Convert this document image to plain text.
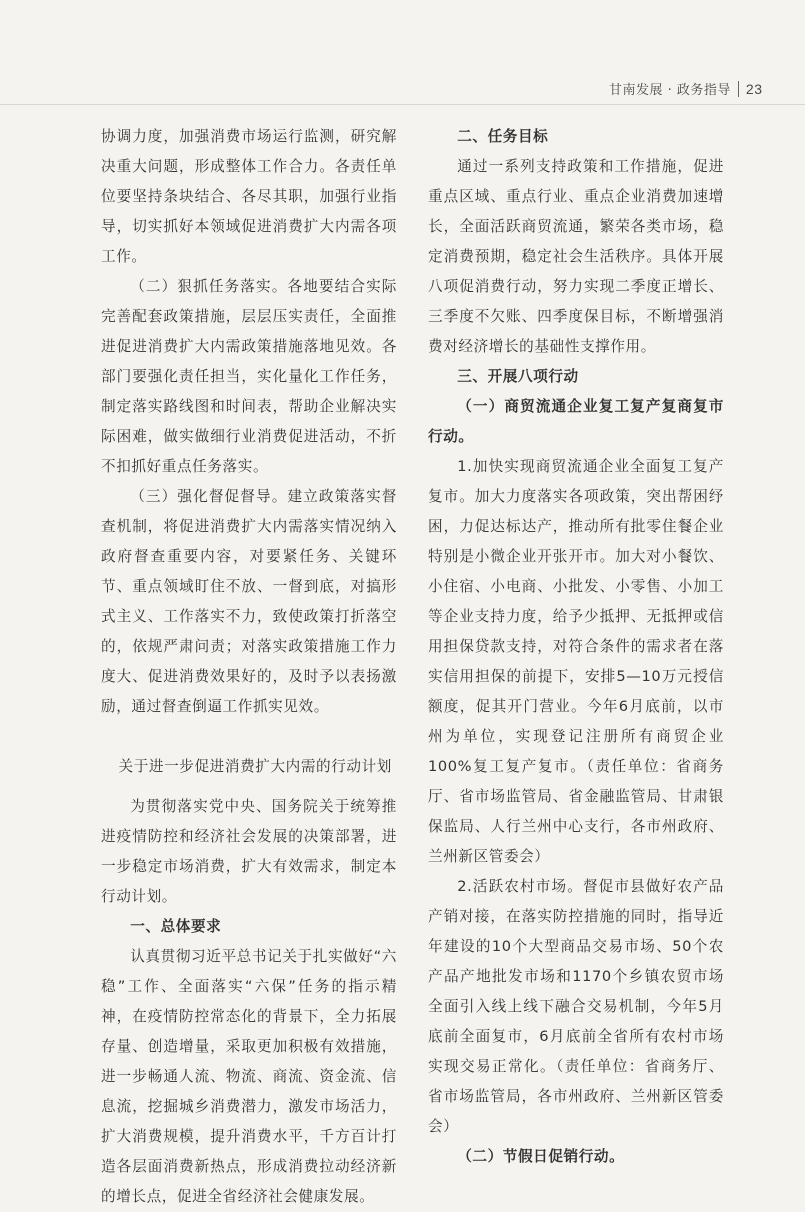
甘南发展 · 政务指导 23

协调力度，加强消费市场运行监测，研究解决重大问题，形成整体工作合力。各责任单位要坚持条块结合、各尽其职，加强行业指导，切实抓好本领域促进消费扩大内需各项工作。

（二）狠抓任务落实。各地要结合实际完善配套政策措施，层层压实责任，全面推进促进消费扩大内需政策措施落地见效。各部门要强化责任担当，实化量化工作任务，制定落实路线图和时间表，帮助企业解决实际困难，做实做细行业消费促进活动，不折不扣抓好重点任务落实。

（三）强化督促督导。建立政策落实督查机制，将促进消费扩大内需落实情况纳入政府督查重要内容，对要紧任务、关键环节、重点领域盯住不放、一督到底，对搞形式主义、工作落实不力，致使政策打折落空的，依规严肃问责；对落实政策措施工作力度大、促进消费效果好的，及时予以表扬激励，通过督查倒逼工作抓实见效。

关于进一步促进消费扩大内需的行动计划

为贯彻落实党中央、国务院关于统筹推进疫情防控和经济社会发展的决策部署，进一步稳定市场消费，扩大有效需求，制定本行动计划。

一、总体要求

认真贯彻习近平总书记关于扎实做好“六稳”工作、全面落实“六保”任务的指示精神，在疫情防控常态化的背景下，全力拓展存量、创造增量，采取更加积极有效措施，进一步畅通人流、物流、商流、资金流、信息流，挖掘城乡消费潜力，激发市场活力，扩大消费规模，提升消费水平，千方百计打造各层面消费新热点，形成消费拉动经济新的增长点，促进全省经济社会健康发展。

二、任务目标

通过一系列支持政策和工作措施，促进重点区域、重点行业、重点企业消费加速增长，全面活跃商贸流通，繁荣各类市场，稳定消费预期，稳定社会生活秩序。具体开展八项促消费行动，努力实现二季度正增长、三季度不欠账、四季度保目标，不断增强消费对经济增长的基础性支撑作用。

三、开展八项行动

（一）商贸流通企业复工复产复商复市行动。

1.加快实现商贸流通企业全面复工复产复市。加大力度落实各项政策，突出帮困纾困，力促达标达产，推动所有批零住餐企业特别是小微企业开张开市。加大对小餐饮、小住宿、小电商、小批发、小零售、小加工等企业支持力度，给予少抵押、无抵押或信用担保贷款支持，对符合条件的需求者在落实信用担保的前提下，安排5—10万元授信额度，促其开门营业。今年6月底前，以市州为单位，实现登记注册所有商贸企业100%复工复产复市。（责任单位：省商务厅、省市场监管局、省金融监管局、甘肃银保监局、人行兰州中心支行，各市州政府、兰州新区管委会）

2.活跃农村市场。督促市县做好农产品产销对接，在落实防控措施的同时，指导近年建设的10个大型商品交易市场、50个农产品产地批发市场和1170个乡镇农贸市场全面引入线上线下融合交易机制，今年5月底前全面复市，6月底前全省所有农村市场实现交易正常化。（责任单位：省商务厅、省市场监管局，各市州政府、兰州新区管委会）

（二）节假日促销行动。
